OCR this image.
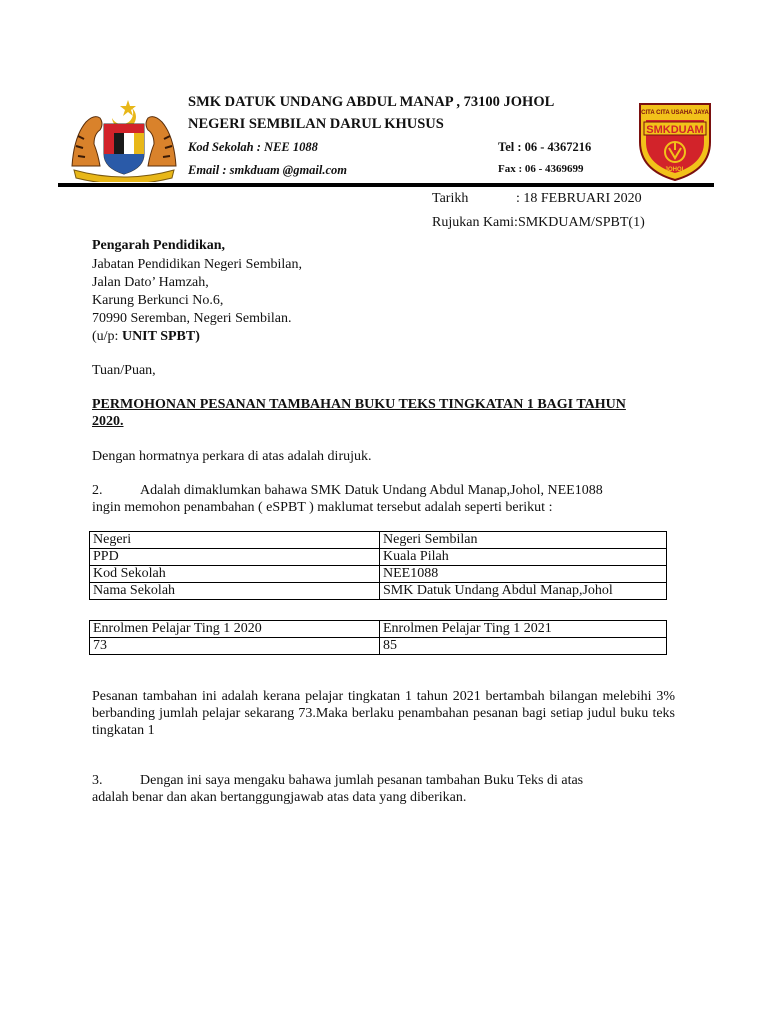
SMK DATUK UNDANG ABDUL MANAP , 73100 JOHOL
NEGERI SEMBILAN DARUL KHUSUS
Kod Sekolah : NEE 1088
Email : smkduam @gmail.com
Tel : 06 - 4367216
Fax : 06 - 4369699
CITA CITA USAHA JAYA
SMKDUAM
JOHOL
Tarikh	: 18 FEBRUARI 2020
Rujukan Kami:SMKDUAM/SPBT(1)
Pengarah Pendidikan,
Jabatan Pendidikan Negeri Sembilan,
Jalan Dato’ Hamzah,
Karung Berkunci No.6,
70990 Seremban, Negeri Sembilan.
(u/p: UNIT SPBT)
Tuan/Puan,
PERMOHONAN PESANAN TAMBAHAN BUKU TEKS TINGKATAN 1 BAGI TAHUN
2020.
Dengan hormatnya perkara di atas adalah dirujuk.
2.	Adalah dimaklumkan bahawa SMK Datuk Undang Abdul Manap,Johol, NEE1088
ingin memohon penambahan ( eSPBT ) maklumat tersebut adalah seperti berikut :
Negeri	Negeri Sembilan
PPD	Kuala Pilah
Kod Sekolah	NEE1088
Nama Sekolah	SMK Datuk Undang Abdul Manap,Johol
Enrolmen Pelajar Ting 1 2020	Enrolmen Pelajar Ting 1 2021
73	85
Pesanan tambahan ini adalah kerana pelajar tingkatan 1 tahun 2021 bertambah bilangan melebihi 3% berbanding jumlah pelajar sekarang 73.Maka berlaku penambahan pesanan bagi setiap judul buku teks tingkatan 1
3.	Dengan ini saya mengaku bahawa jumlah pesanan tambahan Buku Teks di atas
adalah benar dan akan bertanggungjawab atas data yang diberikan.
